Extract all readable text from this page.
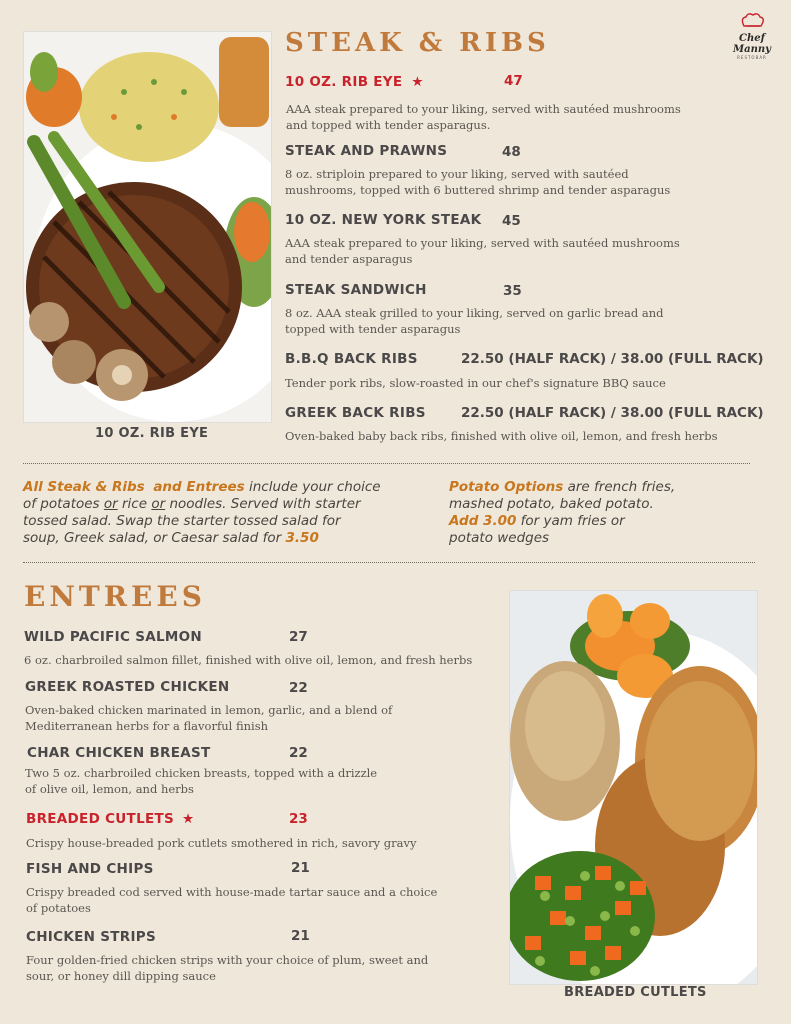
Chef Manny
RESTOBAR
10 OZ. RIB EYE
STEAK & RIBS
10 OZ. RIB EYE ★	47
AAA steak prepared to your liking, served with sautéed mushrooms and topped with tender asparagus.
STEAK AND PRAWNS	48
8 oz. striploin prepared to your liking, served with sautéed mushrooms, topped with 6 buttered shrimp and tender asparagus
10 OZ. NEW YORK STEAK 45
AAA steak prepared to your liking, served with sautéed mushrooms and tender asparagus
STEAK SANDWICH	35
8 oz. AAA steak grilled to your liking, served on garlic bread and topped with tender asparagus
B.B.Q BACK RIBS	22.50 (HALF RACK) / 38.00 (FULL RACK)
Tender pork ribs, slow-roasted in our chef's signature BBQ sauce
GREEK BACK RIBS	22.50 (HALF RACK) / 38.00 (FULL RACK)
Oven-baked baby back ribs, finished with olive oil, lemon, and fresh herbs
All Steak & Ribs and Entrees include your choice
of potatoes or rice or noodles. Served with starter
tossed salad. Swap the starter tossed salad for
soup, Greek salad, or Caesar salad for 3.50
Potato Options are french fries,
mashed potato, baked potato.
Add 3.00 for yam fries or
potato wedges
ENTREES
WILD PACIFIC SALMON	27
6 oz. charbroiled salmon fillet, finished with olive oil, lemon, and fresh herbs
GREEK ROASTED CHICKEN	22
Oven-baked chicken marinated in lemon, garlic, and a blend of Mediterranean herbs for a flavorful finish
CHAR CHICKEN BREAST	22
Two 5 oz. charbroiled chicken breasts, topped with a drizzle of olive oil, lemon, and herbs
BREADED CUTLETS ★	23
Crispy house-breaded pork cutlets smothered in rich, savory gravy
FISH AND CHIPS	21
Crispy breaded cod served with house-made tartar sauce and a choice of potatoes
CHICKEN STRIPS	21
Four golden-fried chicken strips with your choice of plum, sweet and sour, or honey dill dipping sauce
BREADED CUTLETS
